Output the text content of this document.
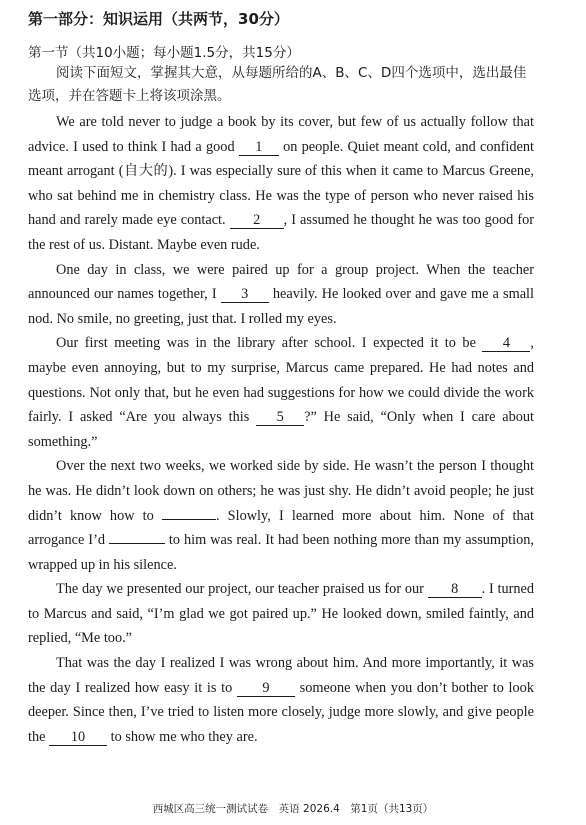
第一部分：知识运用（共两节，30分）
第一节（共10小题；每小题1.5分，共15分）
阅读下面短文，掌握其大意，从每题所给的A、B、C、D四个选项中，选出最佳选项，并在答题卡上将该项涂黑。

We are told never to judge a book by its cover, but few of us actually follow that advice. I used to think I had a good 1 on people. Quiet meant cold, and confident meant arrogant (自大的). I was especially sure of this when it came to Marcus Greene, who sat behind me in chemistry class. He was the type of person who never raised his hand and rarely made eye contact. 2 , I assumed he thought he was too good for the rest of us. Distant. Maybe even rude.

One day in class, we were paired up for a group project. When the teacher announced our names together, I 3 heavily. He looked over and gave me a small nod. No smile, no greeting, just that. I rolled my eyes.

Our first meeting was in the library after school. I expected it to be 4 , maybe even annoying, but to my surprise, Marcus came prepared. He had notes and questions. Not only that, but he even had suggestions for how we could divide the work fairly. I asked “Are you always this 5 ?” He said, “Only when I care about something.”

Over the next two weeks, we worked side by side. He wasn’t the person I thought he was. He didn’t look down on others; he was just shy. He didn’t avoid people; he just didn’t know how to	. Slowly, I learned more about him. None of that arrogance I’d	to him was real. It had been nothing more than my assumption, wrapped up in his silence.

The day we presented our project, our teacher praised us for our 8 . I turned to Marcus and said, “I’m glad we got paired up.” He looked down, smiled faintly, and replied, “Me too.”

That was the day I realized I was wrong about him. And more importantly, it was the day I realized how easy it is to 9 someone when you don’t bother to look deeper. Since then, I’ve tried to listen more closely, judge more slowly, and give people the 10 to show me who they are.

西城区高三统一测试试卷　英语 2026.4　第1页（共13页）
